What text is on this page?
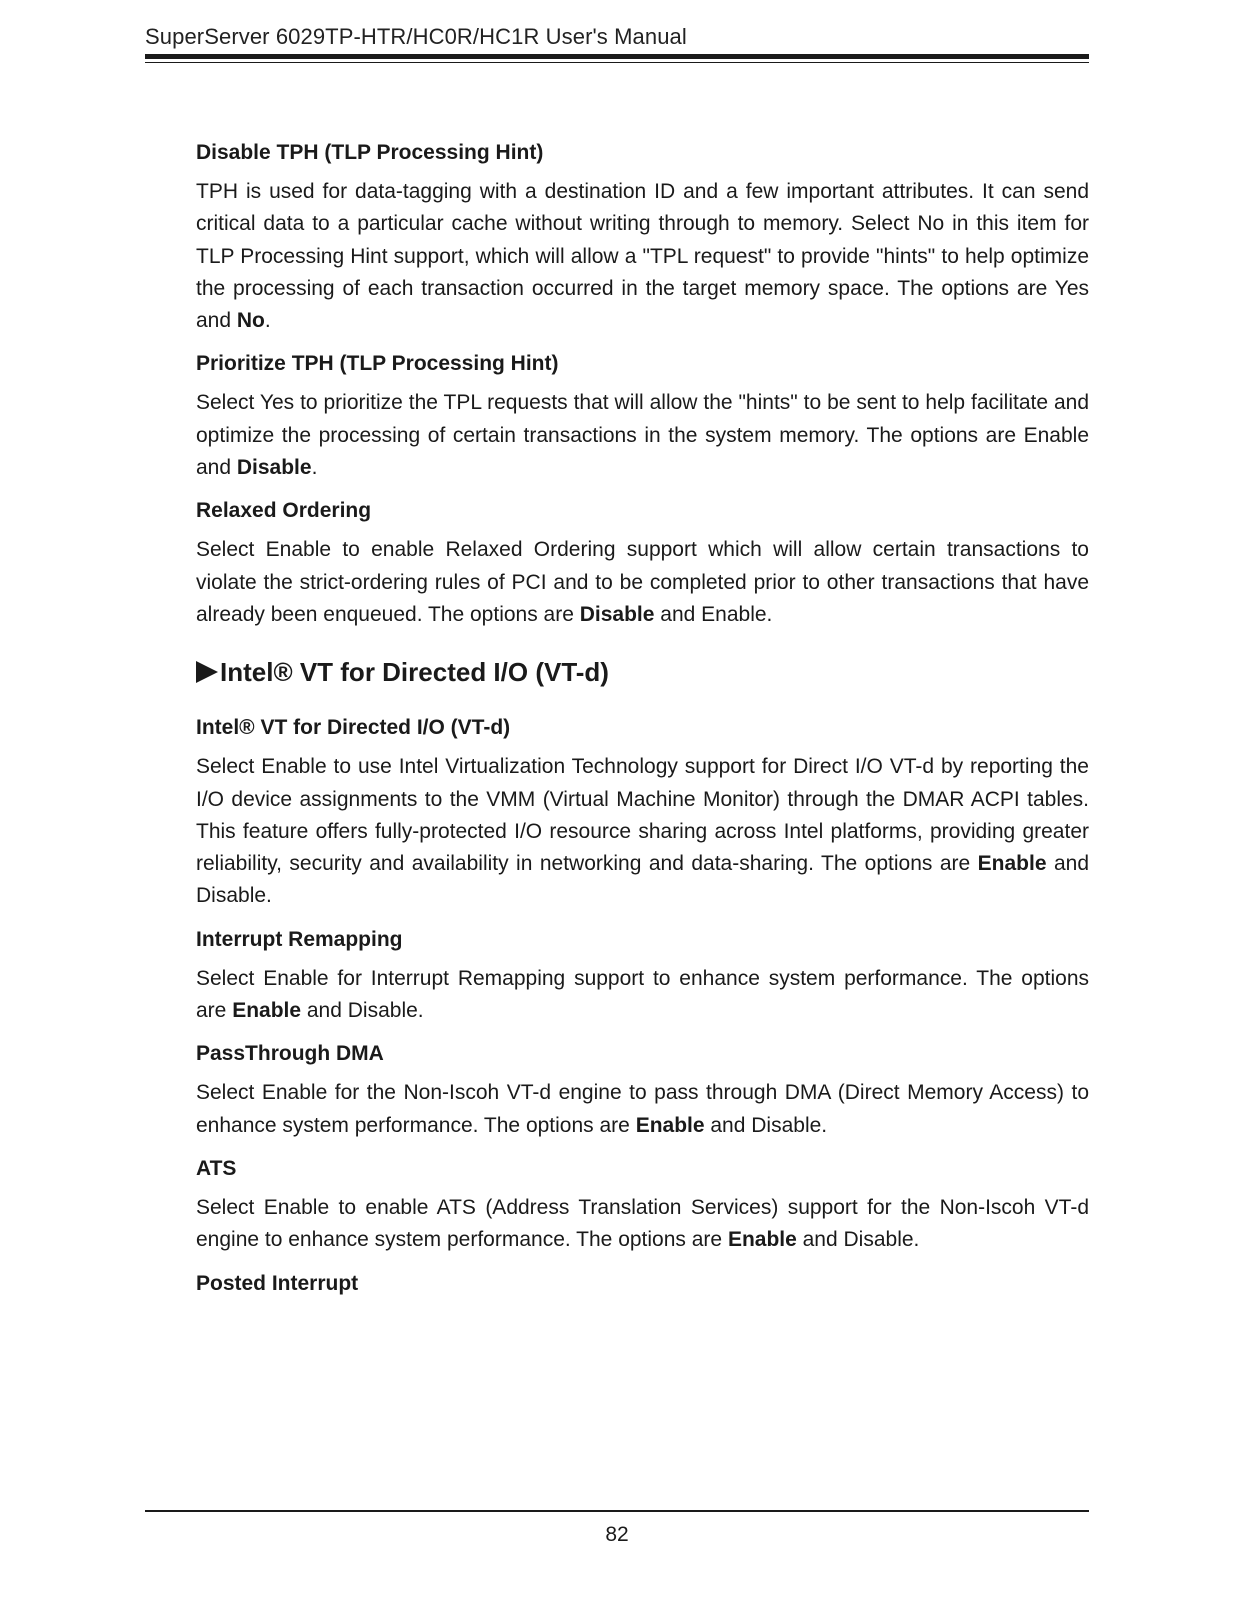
SuperServer 6029TP-HTR/HC0R/HC1R User's Manual
Disable TPH (TLP Processing Hint)

TPH is used for data-tagging with a destination ID and a few important attributes. It can send critical data to a particular cache without writing through to memory. Select No in this item for TLP Processing Hint support, which will allow a "TPL request" to provide "hints" to help optimize the processing of each transaction occurred in the target memory space. The options are Yes and No.

Prioritize TPH (TLP Processing Hint)

Select Yes to prioritize the TPL requests that will allow the "hints" to be sent to help facilitate and optimize the processing of certain transactions in the system memory. The options are Enable and Disable.

Relaxed Ordering

Select Enable to enable Relaxed Ordering support which will allow certain transactions to violate the strict-ordering rules of PCI and to be completed prior to other transactions that have already been enqueued. The options are Disable and Enable.

Intel® VT for Directed I/O (VT-d)
Intel® VT for Directed I/O (VT-d)

Select Enable to use Intel Virtualization Technology support for Direct I/O VT-d by reporting the I/O device assignments to the VMM (Virtual Machine Monitor) through the DMAR ACPI tables. This feature offers fully-protected I/O resource sharing across Intel platforms, providing greater reliability, security and availability in networking and data-sharing. The options are Enable and Disable.

Interrupt Remapping

Select Enable for Interrupt Remapping support to enhance system performance. The options are Enable and Disable.

PassThrough DMA

Select Enable for the Non-Iscoh VT-d engine to pass through DMA (Direct Memory Access) to enhance system performance. The options are Enable and Disable.

ATS

Select Enable to enable ATS (Address Translation Services) support for the Non-Iscoh VT-d engine to enhance system performance. The options are Enable and Disable.

Posted Interrupt
82
